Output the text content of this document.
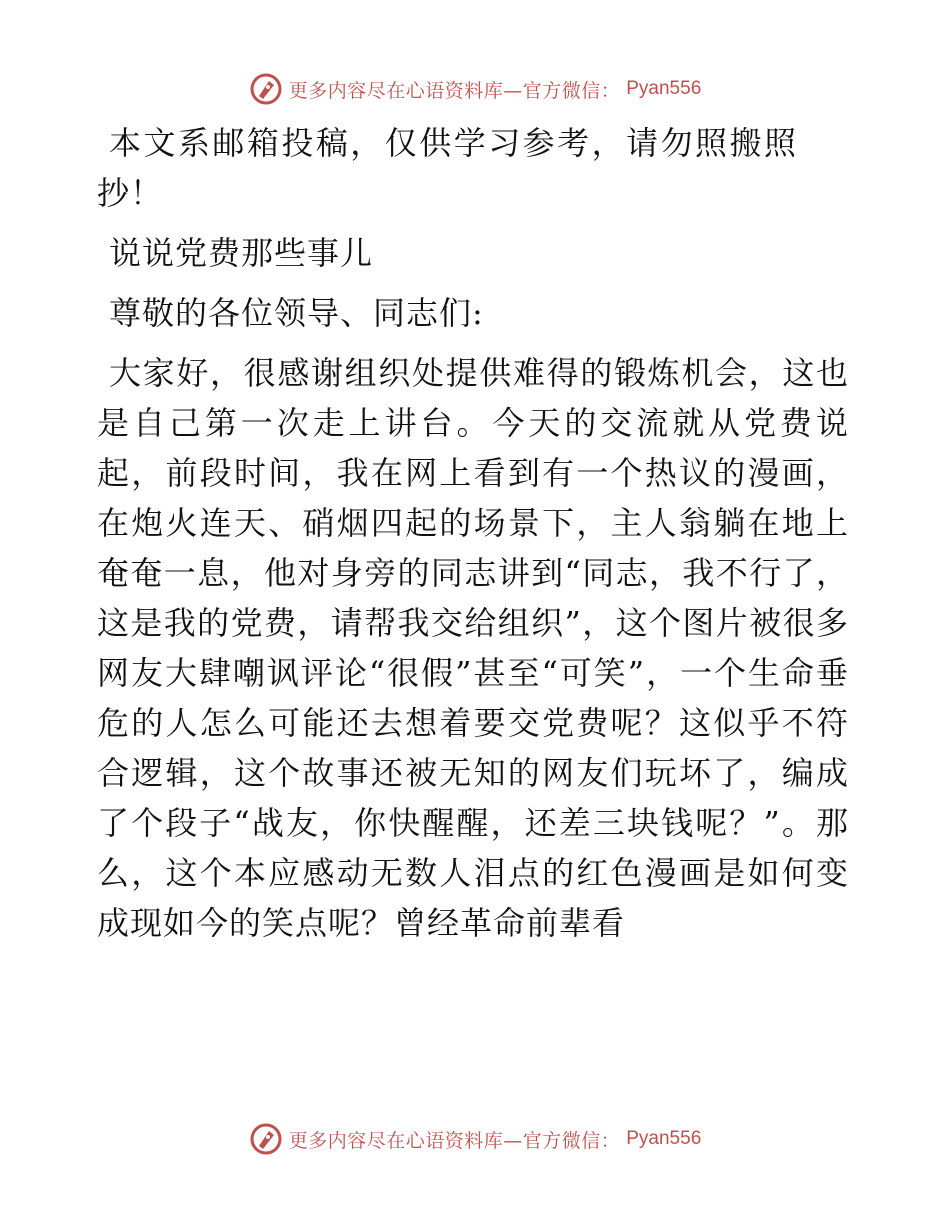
更多内容尽在心语资料库—官方微信： Pyan556

本文系邮箱投稿，仅供学习参考，请勿照搬照抄！

说说党费那些事儿

尊敬的各位领导、同志们:

大家好，很感谢组织处提供难得的锻炼机会，这也是自己第一次走上讲台。今天的交流就从党费说起，前段时间，我在网上看到有一个热议的漫画，在炮火连天、硝烟四起的场景下，主人翁躺在地上奄奄一息，他对身旁的同志讲到“同志，我不行了，这是我的党费，请帮我交给组织”，这个图片被很多网友大肆嘲讽评论“很假”甚至“可笑”，一个生命垂危的人怎么可能还去想着要交党费呢？这似乎不符合逻辑，这个故事还被无知的网友们玩坏了，编成了个段子“战友，你快醒醒，还差三块钱呢？”。那么，这个本应感动无数人泪点的红色漫画是如何变成现如今的笑点呢？曾经革命前辈看

更多内容尽在心语资料库—官方微信： Pyan556
